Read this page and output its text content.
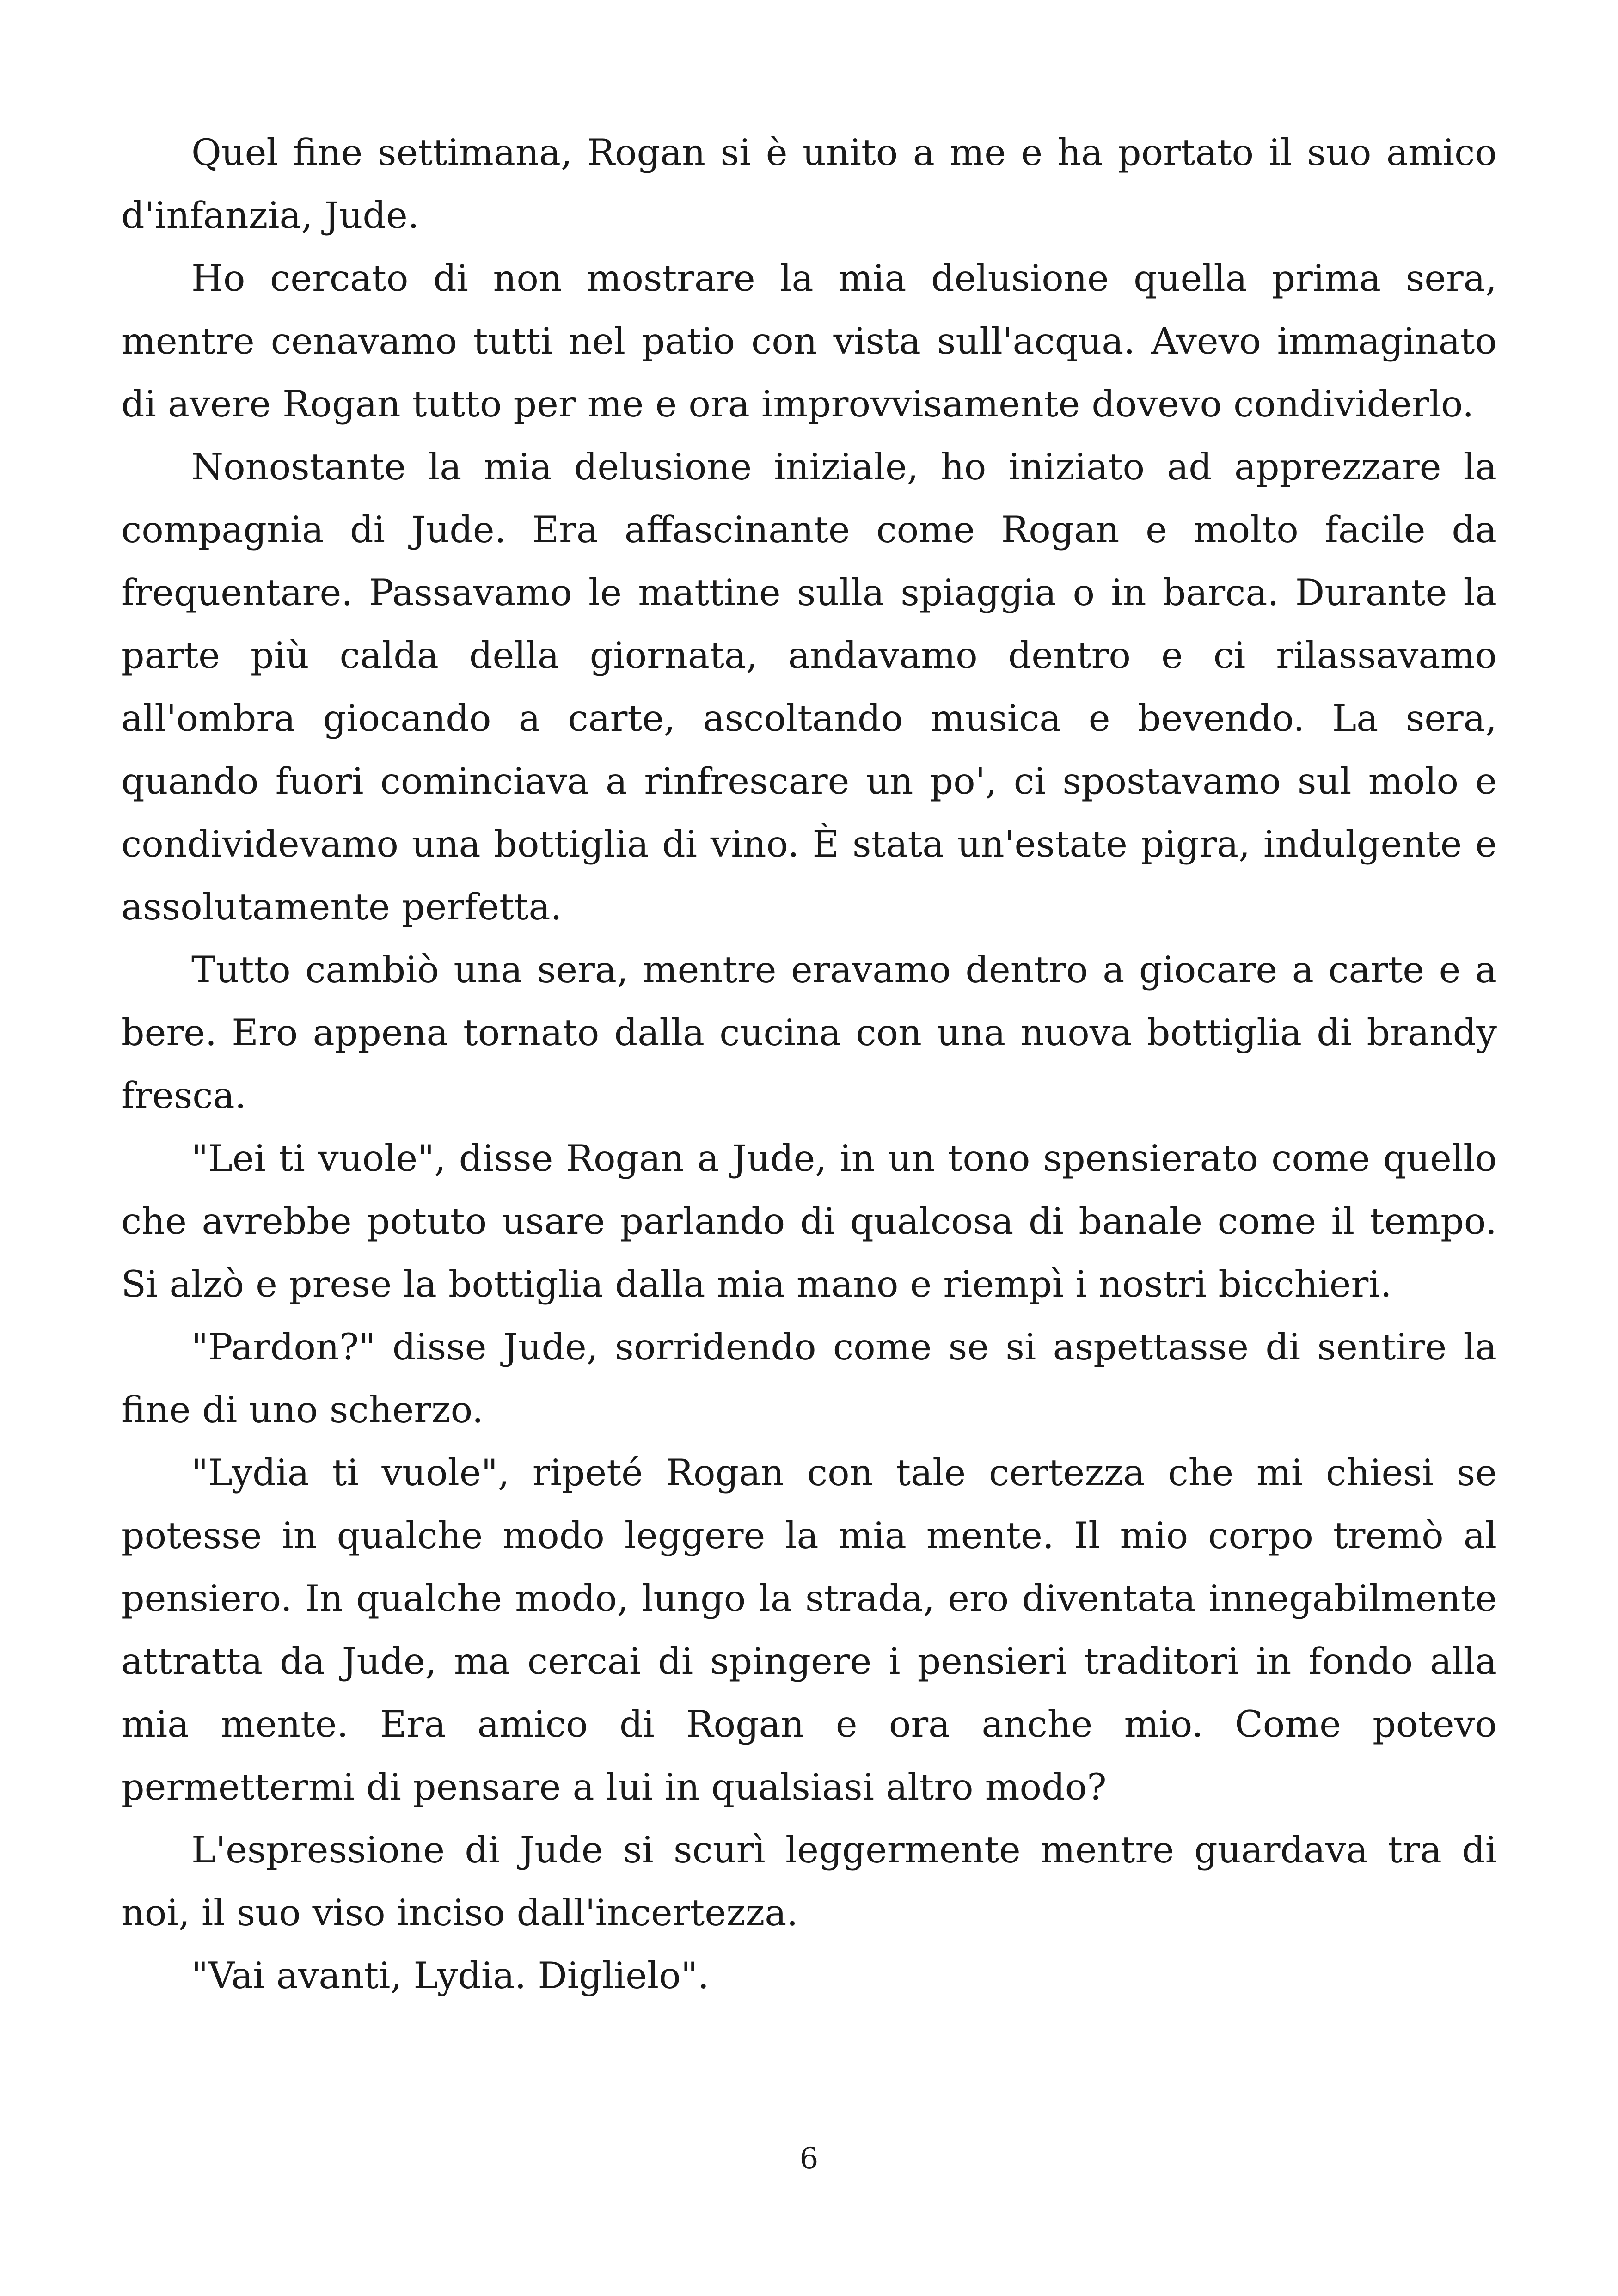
Quel fine settimana, Rogan si è unito a me e ha portato il suo amico d'infanzia, Jude.

Ho cercato di non mostrare la mia delusione quella prima sera, mentre cenavamo tutti nel patio con vista sull'acqua. Avevo immaginato di avere Rogan tutto per me e ora improvvisamente dovevo condividerlo.

Nonostante la mia delusione iniziale, ho iniziato ad apprezzare la compagnia di Jude. Era affascinante come Rogan e molto facile da frequentare. Passavamo le mattine sulla spiaggia o in barca. Durante la parte più calda della giornata, andavamo dentro e ci rilassavamo all'ombra giocando a carte, ascoltando musica e bevendo. La sera, quando fuori cominciava a rinfrescare un po', ci spostavamo sul molo e condividevamo una bottiglia di vino. È stata un'estate pigra, indulgente e assolutamente perfetta.

Tutto cambiò una sera, mentre eravamo dentro a giocare a carte e a bere. Ero appena tornato dalla cucina con una nuova bottiglia di brandy fresca.

"Lei ti vuole", disse Rogan a Jude, in un tono spensierato come quello che avrebbe potuto usare parlando di qualcosa di banale come il tempo. Si alzò e prese la bottiglia dalla mia mano e riempì i nostri bicchieri.

"Pardon?" disse Jude, sorridendo come se si aspettasse di sentire la fine di uno scherzo.

"Lydia ti vuole", ripeté Rogan con tale certezza che mi chiesi se potesse in qualche modo leggere la mia mente. Il mio corpo tremò al pensiero. In qualche modo, lungo la strada, ero diventata innegabilmente attratta da Jude, ma cercai di spingere i pensieri traditori in fondo alla mia mente. Era amico di Rogan e ora anche mio. Come potevo permettermi di pensare a lui in qualsiasi altro modo?

L'espressione di Jude si scurì leggermente mentre guardava tra di noi, il suo viso inciso dall'incertezza.

"Vai avanti, Lydia. Diglielo".

6
